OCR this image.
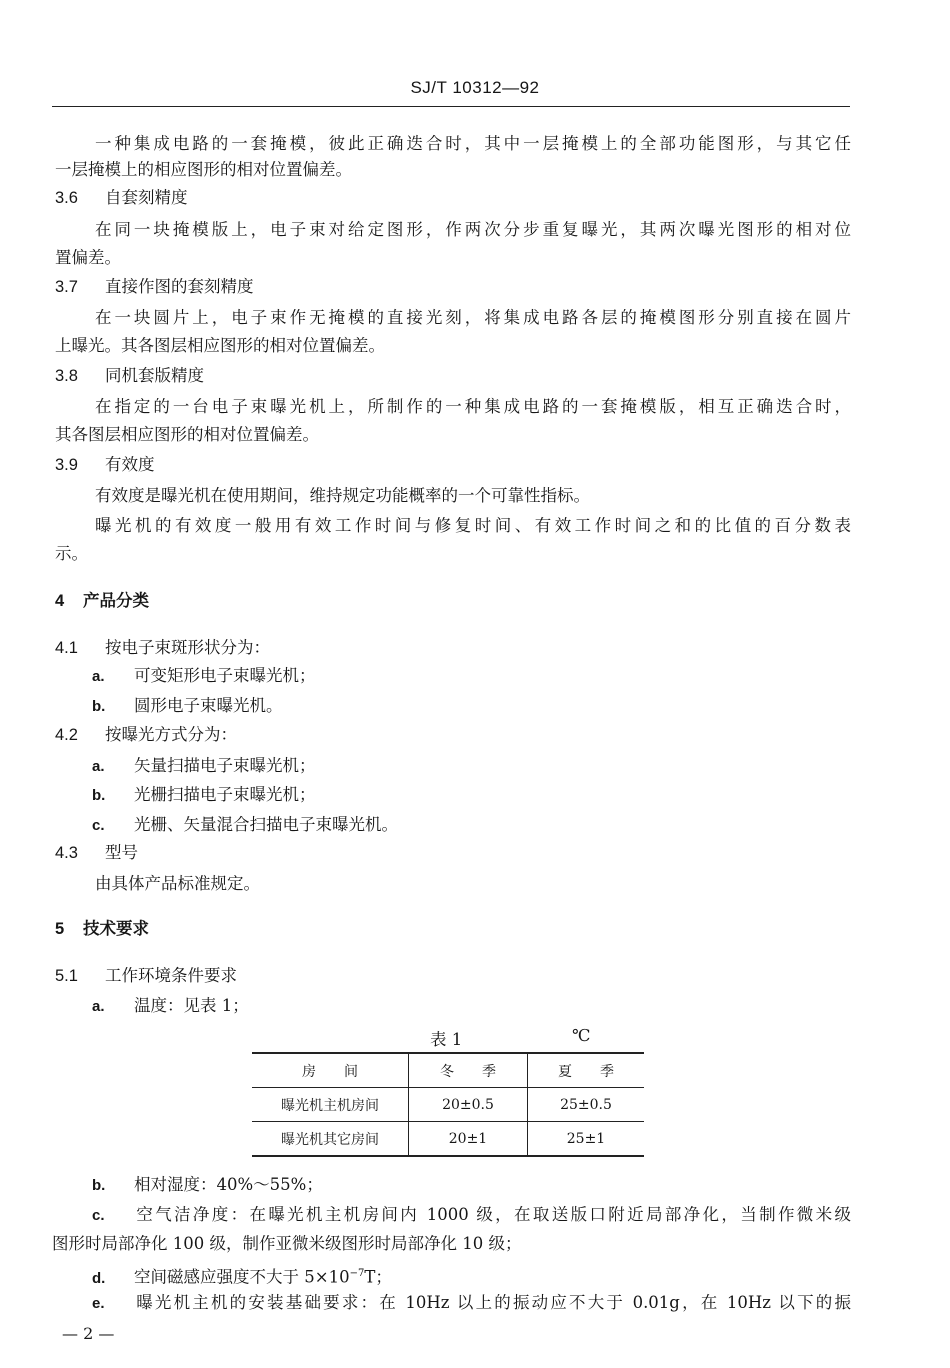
SJ/T 10312—92
一种集成电路的一套掩模，彼此正确迭合时，其中一层掩模上的全部功能图形，与其它任
一层掩模上的相应图形的相对位置偏差。
3.6 自套刻精度
在同一块掩模版上，电子束对给定图形，作两次分步重复曝光，其两次曝光图形的相对位
置偏差。
3.7 直接作图的套刻精度
在一块圆片上，电子束作无掩模的直接光刻，将集成电路各层的掩模图形分别直接在圆片
上曝光。其各图层相应图形的相对位置偏差。
3.8 同机套版精度
在指定的一台电子束曝光机上，所制作的一种集成电路的一套掩模版，相互正确迭合时，
其各图层相应图形的相对位置偏差。
3.9 有效度
有效度是曝光机在使用期间，维持规定功能概率的一个可靠性指标。
曝光机的有效度一般用有效工作时间与修复时间、有效工作时间之和的比值的百分数表
示。
4 产品分类
4.1 按电子束斑形状分为：
a. 可变矩形电子束曝光机；
b. 圆形电子束曝光机。
4.2 按曝光方式分为：
a. 矢量扫描电子束曝光机；
b. 光栅扫描电子束曝光机；
c. 光栅、矢量混合扫描电子束曝光机。
4.3 型号
由具体产品标准规定。
5 技术要求
5.1 工作环境条件要求
a. 温度：见表 1；
表 1	℃
房　　间	冬　　季	夏　　季
曝光机主机房间	20±0.5	25±0.5
曝光机其它房间	20±1	25±1
b. 相对湿度：40%～55%；
c. 空气洁净度：在曝光机主机房间内 1000 级，在取送版口附近局部净化，当制作微米级
图形时局部净化 100 级，制作亚微米级图形时局部净化 10 级；
d. 空间磁感应强度不大于 $5\times 10^{-7}T$；
e. 曝光机主机的安装基础要求：在 10Hz 以上的振动应不大于 0.01g，在 10Hz 以下的振
— 2 —
